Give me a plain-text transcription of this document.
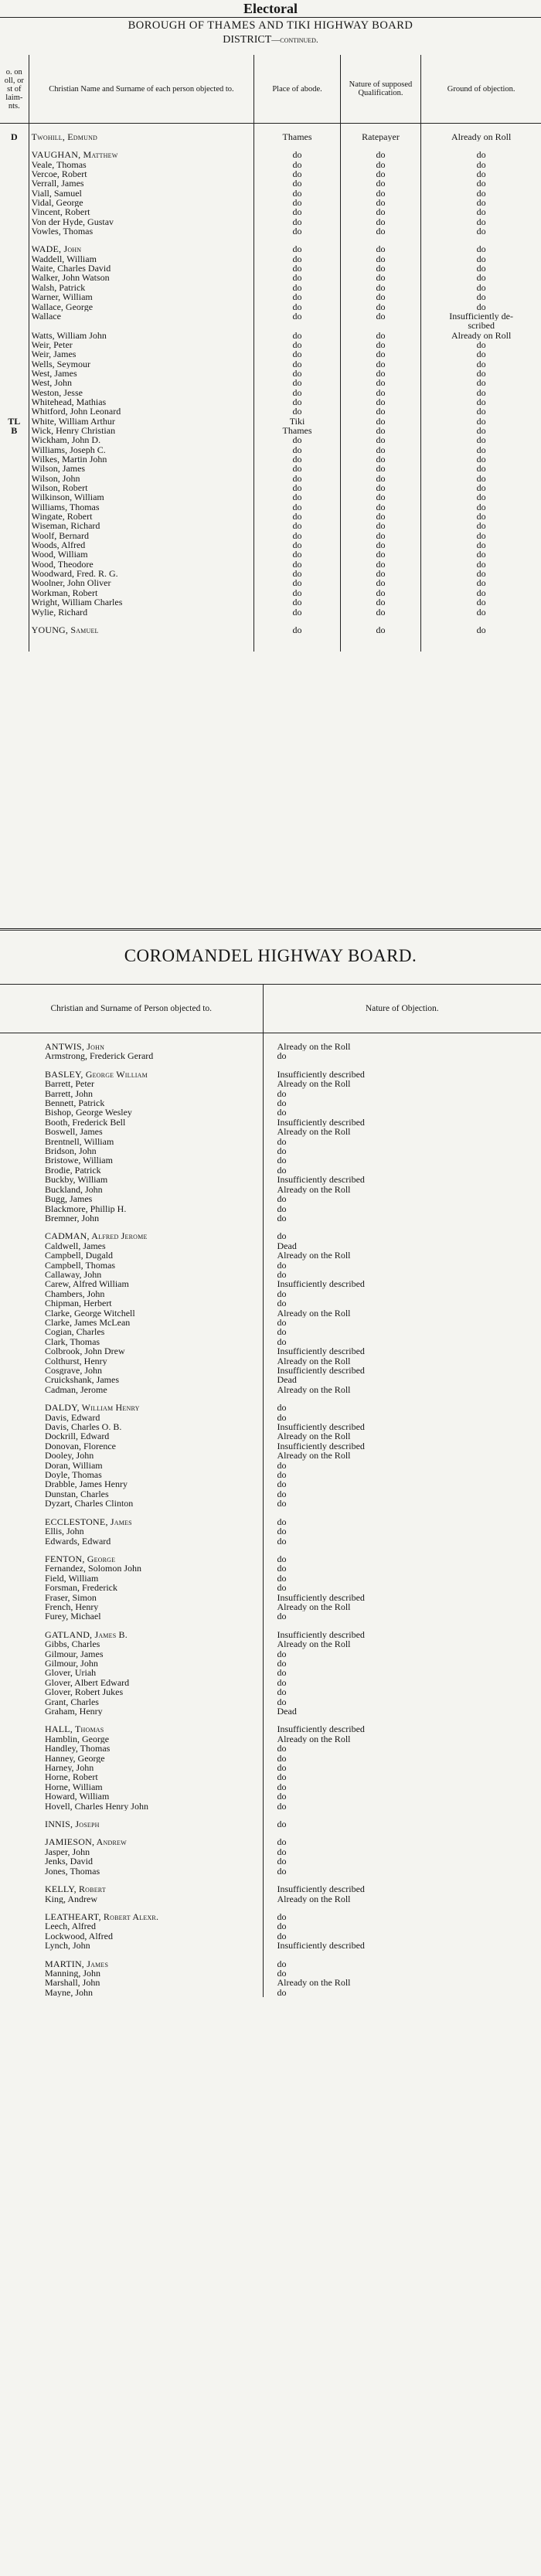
Electoral
BOROUGH OF THAMES AND TIKI HIGHWAY BOARD
DISTRICT—continued.
o. on oll, or st of laim-nts.	Christian Name and Surname of each person objected to.	Place of abode.	Nature of supposed Qualification.	Ground of objection.

D	Twohill, Edmund	Thames	Ratepayer	Already on Roll

	VAUGHAN, Matthew	do	do	do
	Veale, Thomas	do	do	do
	Vercoe, Robert	do	do	do
	Verrall, James	do	do	do
	Viall, Samuel	do	do	do
	Vidal, George	do	do	do
	Vincent, Robert	do	do	do
	Von der Hyde, Gustav	do	do	do
	Vowles, Thomas	do	do	do

	WADE, John	do	do	do
	Waddell, William	do	do	do
	Waite, Charles David	do	do	do
	Walker, John Watson	do	do	do
	Walsh, Patrick	do	do	do
	Warner, William	do	do	do
	Wallace, George	do	do	do
	Wallace	do	do	Insufficiently de-
				scribed
	Watts, William John	do	do	Already on Roll
	Weir, Peter	do	do	do
	Weir, James	do	do	do
	Wells, Seymour	do	do	do
	West, James	do	do	do
	West, John	do	do	do
	Weston, Jesse	do	do	do
	Whitehead, Mathias	do	do	do
	Whitford, John Leonard	do	do	do
TL	White, William Arthur	Tiki	do	do
B	Wick, Henry Christian	Thames	do	do
	Wickham, John D.	do	do	do
	Williams, Joseph C.	do	do	do
	Wilkes, Martin John	do	do	do
	Wilson, James	do	do	do
	Wilson, John	do	do	do
	Wilson, Robert	do	do	do
	Wilkinson, William	do	do	do
	Williams, Thomas	do	do	do
	Wingate, Robert	do	do	do
	Wiseman, Richard	do	do	do
	Woolf, Bernard	do	do	do
	Woods, Alfred	do	do	do
	Wood, William	do	do	do
	Wood, Theodore	do	do	do
	Woodward, Fred. R. G.	do	do	do
	Woolner, John Oliver	do	do	do
	Workman, Robert	do	do	do
	Wright, William Charles	do	do	do
	Wylie, Richard	do	do	do

	YOUNG, Samuel	do	do	do

COROMANDEL HIGHWAY BOARD.
Christian and Surname of Person objected to.	Nature of Objection.

ANTWIS, John	Already on the Roll
Armstrong, Frederick Gerard	do

BASLEY, George William	Insufficiently described
Barrett, Peter	Already on the Roll
Barrett, John	do
Bennett, Patrick	do
Bishop, George Wesley	do
Booth, Frederick Bell	Insufficiently described
Boswell, James	Already on the Roll
Brentnell, William	do
Bridson, John	do
Bristowe, William	do
Brodie, Patrick	do
Buckby, William	Insufficiently described
Buckland, John	Already on the Roll
Bugg, James	do
Blackmore, Phillip H.	do
Bremner, John	do

CADMAN, Alfred Jerome	do
Caldwell, James	Dead
Campbell, Dugald	Already on the Roll
Campbell, Thomas	do
Callaway, John	do
Carew, Alfred William	Insufficiently described
Chambers, John	do
Chipman, Herbert	do
Clarke, George Witchell	Already on the Roll
Clarke, James McLean	do
Cogian, Charles	do
Clark, Thomas	do
Colbrook, John Drew	Insufficiently described
Colthurst, Henry	Already on the Roll
Cosgrave, John	Insufficiently described
Cruickshank, James	Dead
Cadman, Jerome	Already on the Roll

DALDY, William Henry	do
Davis, Edward	do
Davis, Charles O. B.	Insufficiently described
Dockrill, Edward	Already on the Roll
Donovan, Florence	Insufficiently described
Dooley, John	Already on the Roll
Doran, William	do
Doyle, Thomas	do
Drabble, James Henry	do
Dunstan, Charles	do
Dyzart, Charles Clinton	do

ECCLESTONE, James	do
Ellis, John	do
Edwards, Edward	do

FENTON, George	do
Fernandez, Solomon John	do
Field, William	do
Forsman, Frederick	do
Fraser, Simon	Insufficiently described
French, Henry	Already on the Roll
Furey, Michael	do

GATLAND, James B.	Insufficiently described
Gibbs, Charles	Already on the Roll
Gilmour, James	do
Gilmour, John	do
Glover, Uriah	do
Glover, Albert Edward	do
Glover, Robert Jukes	do
Grant, Charles	do
Graham, Henry	Dead

HALL, Thomas	Insufficiently described
Hamblin, George	Already on the Roll
Handley, Thomas	do
Hanney, George	do
Harney, John	do
Horne, Robert	do
Horne, William	do
Howard, William	do
Hovell, Charles Henry John	do

INNIS, Joseph	do

JAMIESON, Andrew	do
Jasper, John	do
Jenks, David	do
Jones, Thomas	do

KELLY, Robert	Insufficiently described
King, Andrew	Already on the Roll

LEATHEART, Robert Alexr.	do
Leech, Alfred	do
Lockwood, Alfred	do
Lynch, John	Insufficiently described

MARTIN, James	do
Manning, John	do
Marshall, John	Already on the Roll
Mayne, John	do
